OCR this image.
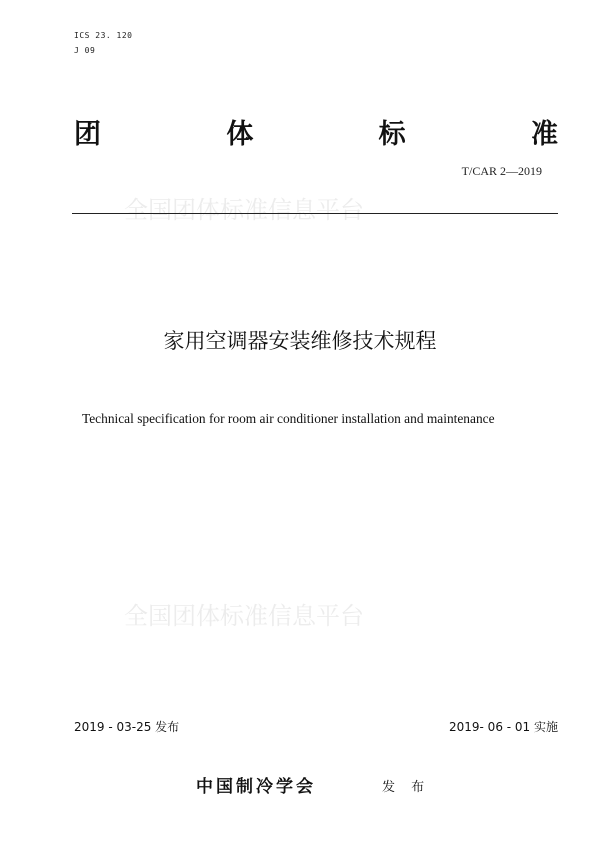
ICS 23. 120
J 09
团	体	标	准
T/CAR 2—2019
全国团体标准信息平台
家用空调器安装维修技术规程
Technical specification for room air conditioner installation and maintenance
全国团体标准信息平台
2019 - 03-25 发布	2019- 06 - 01 实施
中国制冷学会	发 布
